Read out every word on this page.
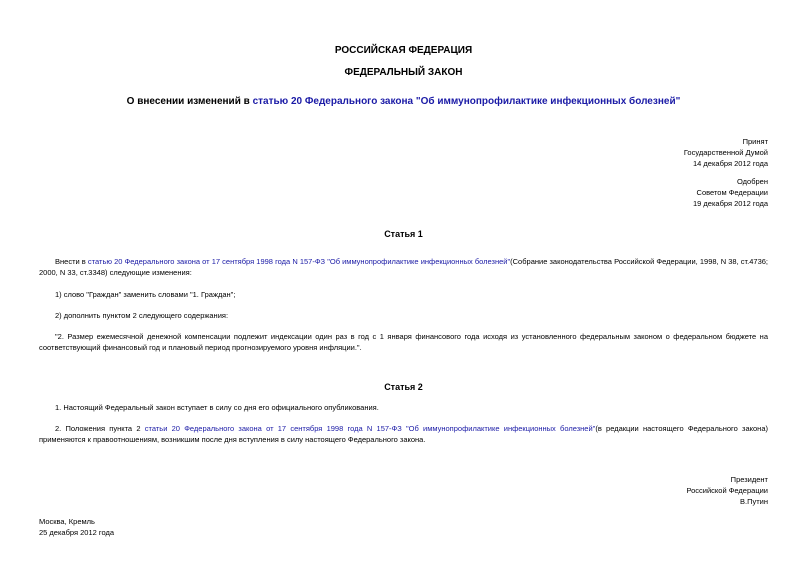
РОССИЙСКАЯ ФЕДЕРАЦИЯ
ФЕДЕРАЛЬНЫЙ ЗАКОН
О внесении изменений в статью 20 Федерального закона "Об иммунопрофилактике инфекционных болезней"
Принят
Государственной Думой
14 декабря 2012 года
Одобрен
Советом Федерации
19 декабря 2012 года
Статья 1
Внести в статью 20 Федерального закона от 17 сентября 1998 года N 157-ФЗ "Об иммунопрофилактике инфекционных болезней"(Собрание законодательства Российской Федерации, 1998, N 38, ст.4736; 2000, N 33, ст.3348) следующие изменения:
1) слово "Граждан" заменить словами "1. Граждан";
2) дополнить пунктом 2 следующего содержания:
"2. Размер ежемесячной денежной компенсации подлежит индексации один раз в год с 1 января финансового года исходя из установленного федеральным законом о федеральном бюджете на соответствующий финансовый год и плановый период прогнозируемого уровня инфляции.".
Статья 2
1. Настоящий Федеральный закон вступает в силу со дня его официального опубликования.
2. Положения пункта 2 статьи 20 Федерального закона от 17 сентября 1998 года N 157-ФЗ "Об иммунопрофилактике инфекционных болезней"(в редакции настоящего Федерального закона) применяются к правоотношениям, возникшим после дня вступления в силу настоящего Федерального закона.
Президент
Российской Федерации
В.Путин
Москва, Кремль
25 декабря 2012 года
